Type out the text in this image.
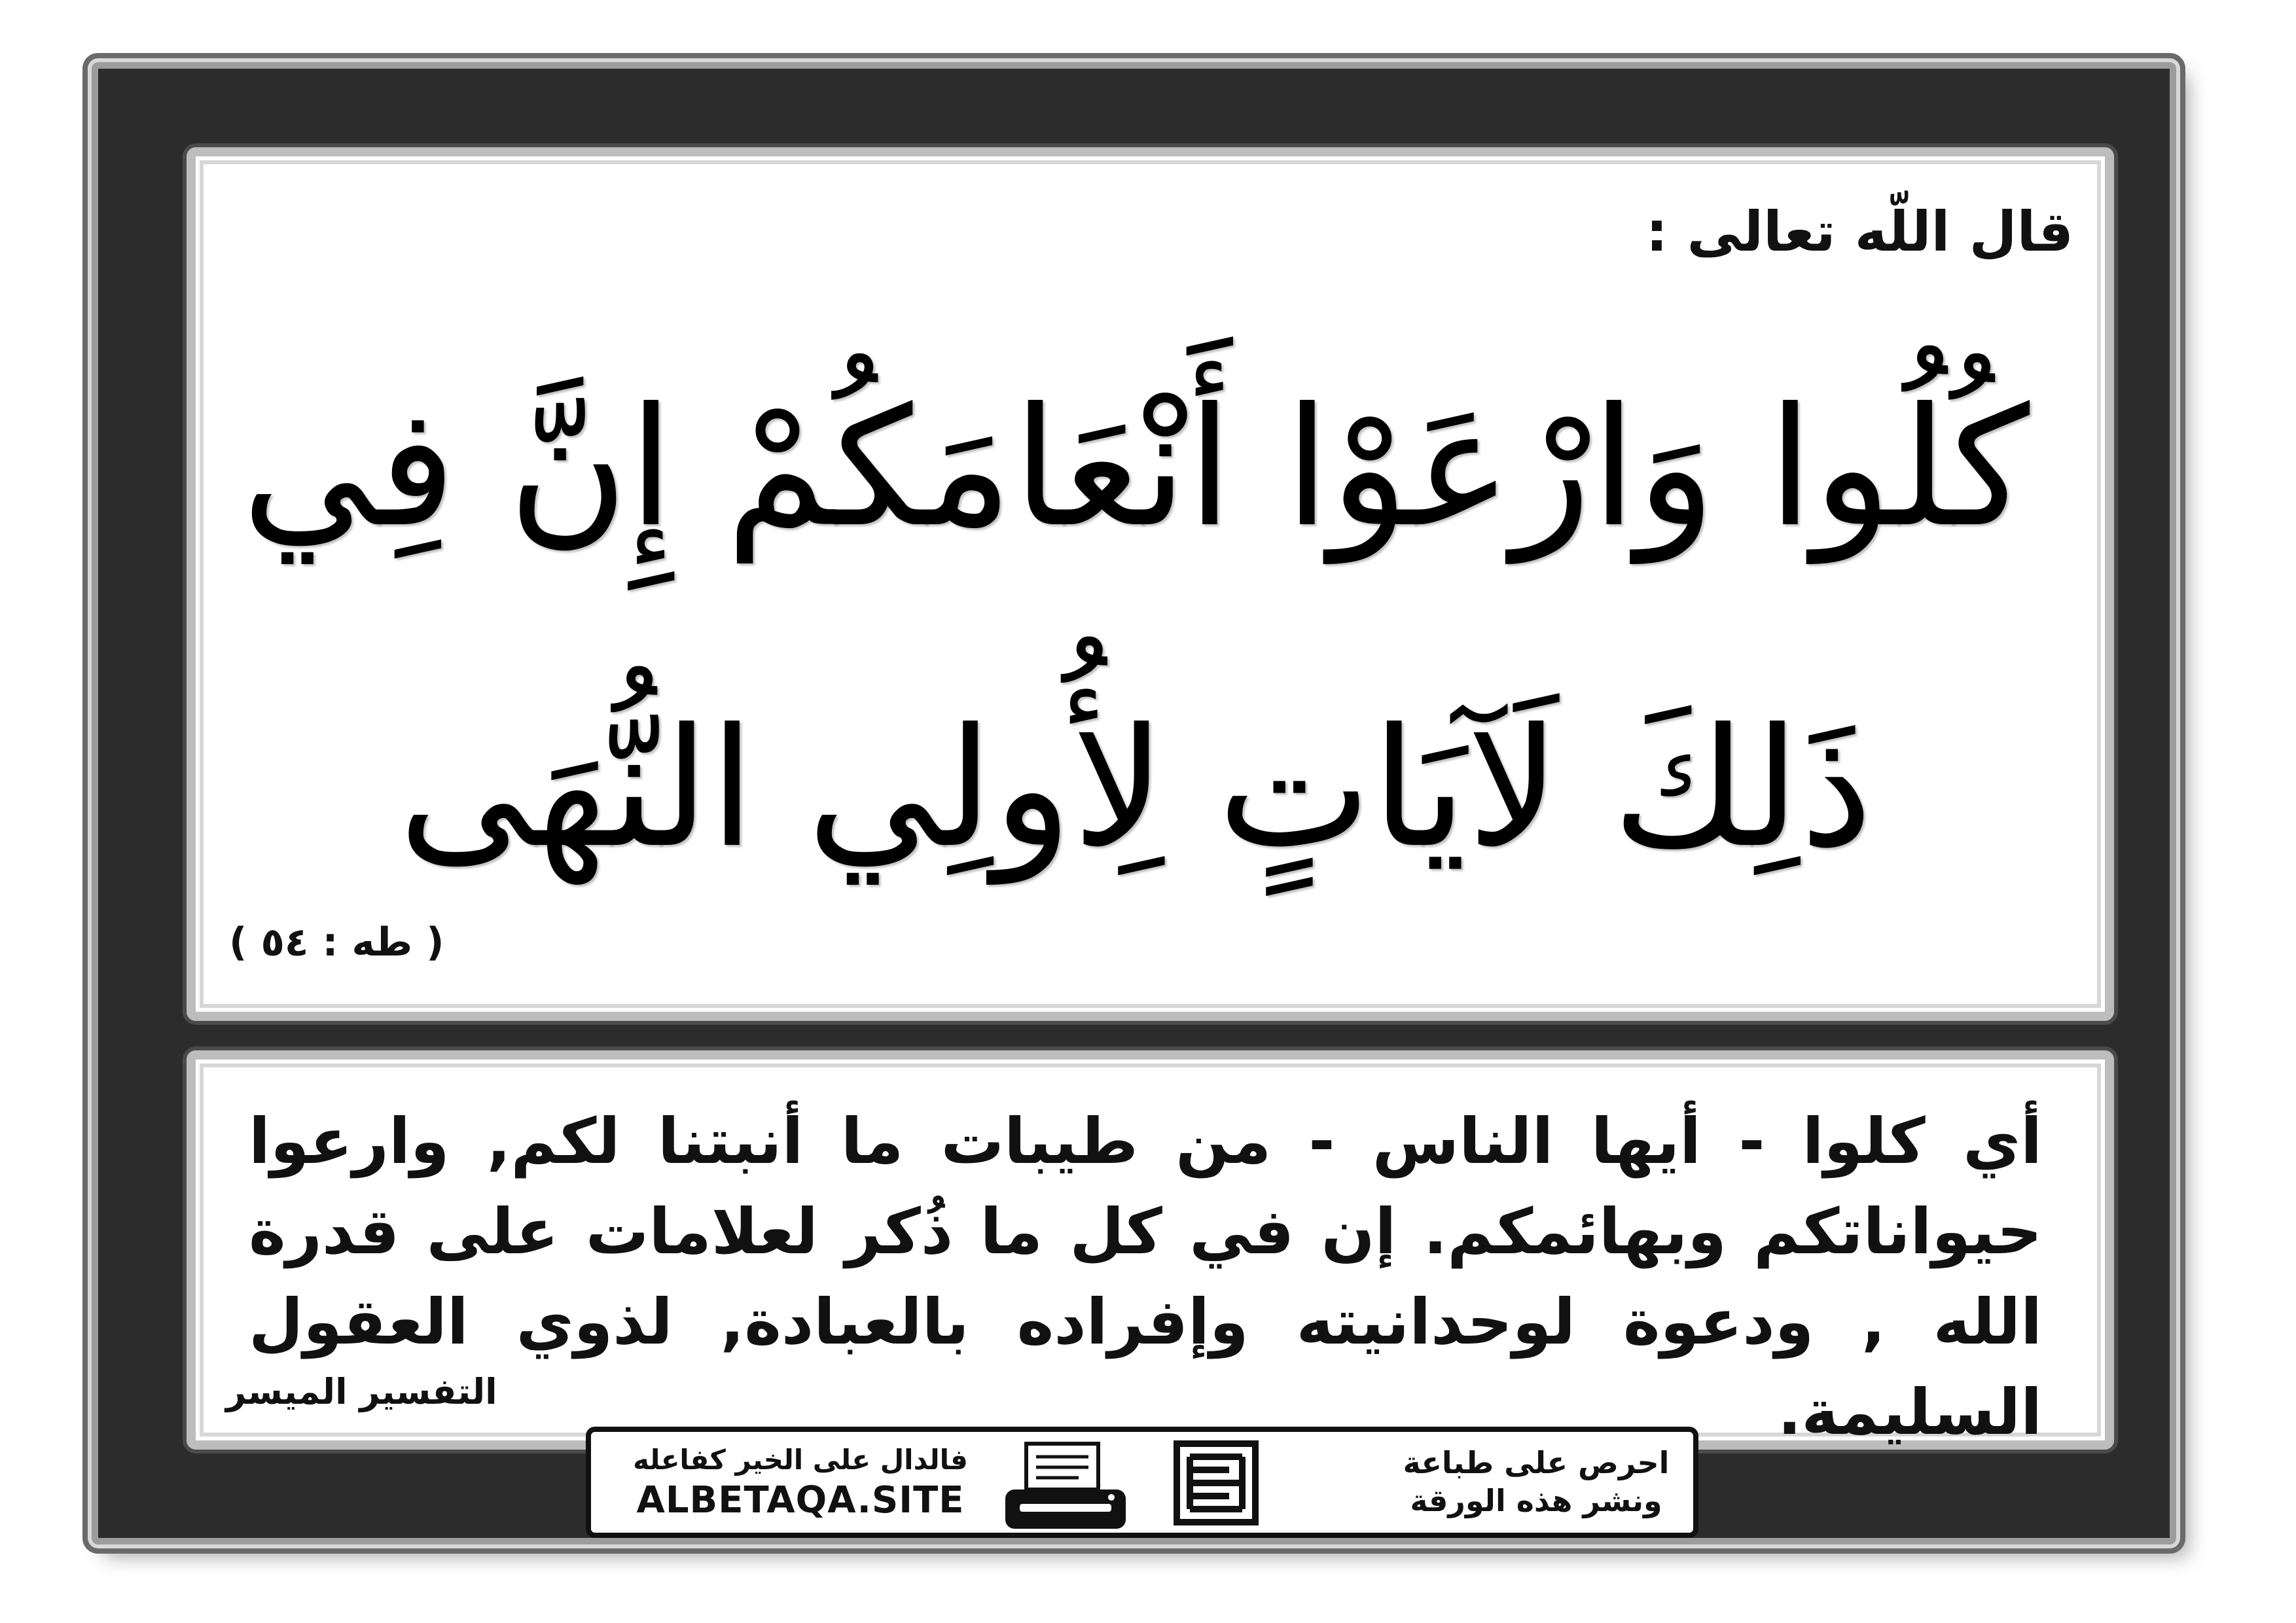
قال اللّه تعالى :
كُلُوا وَارْعَوْا أَنْعَامَكُمْ إِنَّ فِي
ذَلِكَ لَآيَاتٍ لِأُولِي النُّهَى
( طه : ٥٤ )
أي كلوا - أيها الناس - من طيبات ما أنبتنا لكم, وارعوا حيواناتكم وبهائمكم. إن في كل ما ذُكر لعلامات على قدرة الله , ودعوة لوحدانيته وإفراده بالعبادة, لذوي العقول السليمة.
التفسير الميسر
احرص على طباعة
ونشر هذه الورقة
فالدال على الخير كفاعله
ALBETAQA.SITE
